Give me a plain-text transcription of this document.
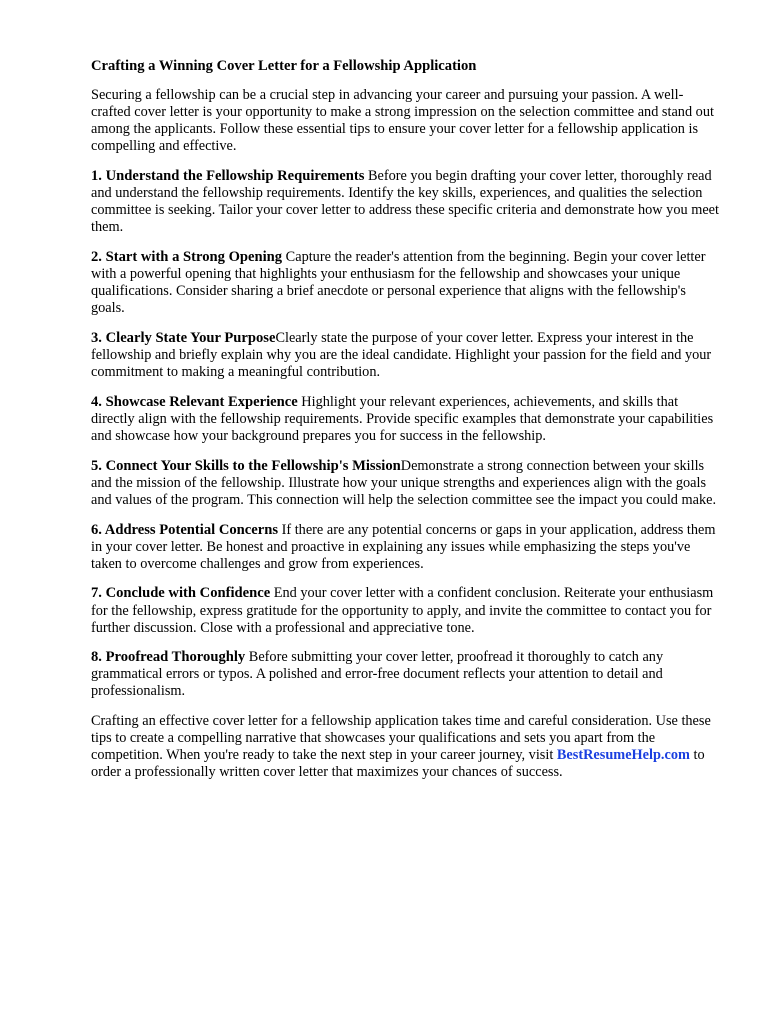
Crafting a Winning Cover Letter for a Fellowship Application

Securing a fellowship can be a crucial step in advancing your career and pursuing your passion. A well-crafted cover letter is your opportunity to make a strong impression on the selection committee and stand out among the applicants. Follow these essential tips to ensure your cover letter for a fellowship application is compelling and effective.

1. Understand the Fellowship Requirements Before you begin drafting your cover letter, thoroughly read and understand the fellowship requirements. Identify the key skills, experiences, and qualities the selection committee is seeking. Tailor your cover letter to address these specific criteria and demonstrate how you meet them.

2. Start with a Strong Opening Capture the reader's attention from the beginning. Begin your cover letter with a powerful opening that highlights your enthusiasm for the fellowship and showcases your unique qualifications. Consider sharing a brief anecdote or personal experience that aligns with the fellowship's goals.

3. Clearly State Your PurposeClearly state the purpose of your cover letter. Express your interest in the fellowship and briefly explain why you are the ideal candidate. Highlight your passion for the field and your commitment to making a meaningful contribution.

4. Showcase Relevant Experience Highlight your relevant experiences, achievements, and skills that directly align with the fellowship requirements. Provide specific examples that demonstrate your capabilities and showcase how your background prepares you for success in the fellowship.

5. Connect Your Skills to the Fellowship's MissionDemonstrate a strong connection between your skills and the mission of the fellowship. Illustrate how your unique strengths and experiences align with the goals and values of the program. This connection will help the selection committee see the impact you could make.

6. Address Potential Concerns If there are any potential concerns or gaps in your application, address them in your cover letter. Be honest and proactive in explaining any issues while emphasizing the steps you've taken to overcome challenges and grow from experiences.

7. Conclude with Confidence End your cover letter with a confident conclusion. Reiterate your enthusiasm for the fellowship, express gratitude for the opportunity to apply, and invite the committee to contact you for further discussion. Close with a professional and appreciative tone.

8. Proofread Thoroughly Before submitting your cover letter, proofread it thoroughly to catch any grammatical errors or typos. A polished and error-free document reflects your attention to detail and professionalism.

Crafting an effective cover letter for a fellowship application takes time and careful consideration. Use these tips to create a compelling narrative that showcases your qualifications and sets you apart from the competition. When you're ready to take the next step in your career journey, visit BestResumeHelp.com to order a professionally written cover letter that maximizes your chances of success.
